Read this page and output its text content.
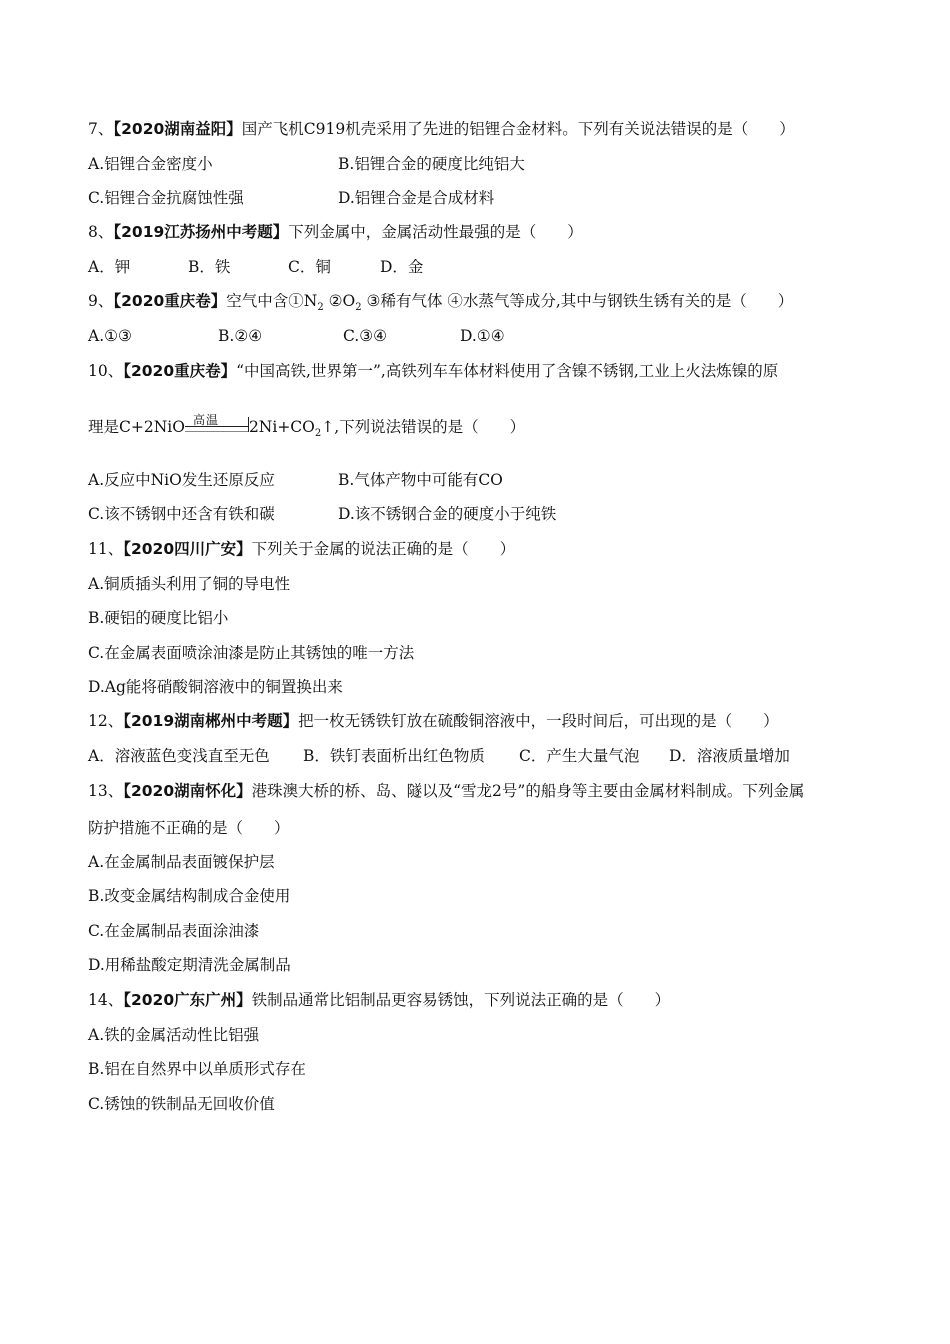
7、【2020湖南益阳】国产飞机C919机壳采用了先进的铝锂合金材料。下列有关说法错误的是（　　）
A.铝锂合金密度小	B.铝锂合金的硬度比纯铝大
C.铝锂合金抗腐蚀性强	D.铝锂合金是合成材料
8、【2019江苏扬州中考题】下列金属中，金属活动性最强的是（　　）
A．钾	B．铁	C．铜	D．金
9、【2020重庆卷】空气中含$①N_2$ $②O_2$ ③稀有气体 ④水蒸气等成分,其中与钢铁生锈有关的是（　　）
A.①③	B.②④	C.③④	D.①④
10、【2020重庆卷】“中国高铁,世界第一”,高铁列车车体材料使用了含镍不锈钢,工业上火法炼镍的原
理是C+2NiO 高温 $2Ni+CO_2↑$,下列说法错误的是（　　）
A.反应中NiO发生还原反应	B.气体产物中可能有CO
C.该不锈钢中还含有铁和碳	D.该不锈钢合金的硬度小于纯铁
11、【2020四川广安】下列关于金属的说法正确的是（　　）
A.铜质插头利用了铜的导电性
B.硬铝的硬度比铝小
C.在金属表面喷涂油漆是防止其锈蚀的唯一方法
D.Ag能将硝酸铜溶液中的铜置换出来
12、【2019湖南郴州中考题】把一枚无锈铁钉放在硫酸铜溶液中，一段时间后，可出现的是（　　）
A．溶液蓝色变浅直至无色 B．铁钉表面析出红色物质 C．产生大量气泡 D．溶液质量增加
13、【2020湖南怀化】港珠澳大桥的桥、岛、隧以及“雪龙2号”的船身等主要由金属材料制成。下列金属
防护措施不正确的是（　　）
A.在金属制品表面镀保护层
B.改变金属结构制成合金使用
C.在金属制品表面涂油漆
D.用稀盐酸定期清洗金属制品
14、【2020广东广州】铁制品通常比铝制品更容易锈蚀，下列说法正确的是（　　）
A.铁的金属活动性比铝强
B.铝在自然界中以单质形式存在
C.锈蚀的铁制品无回收价值
